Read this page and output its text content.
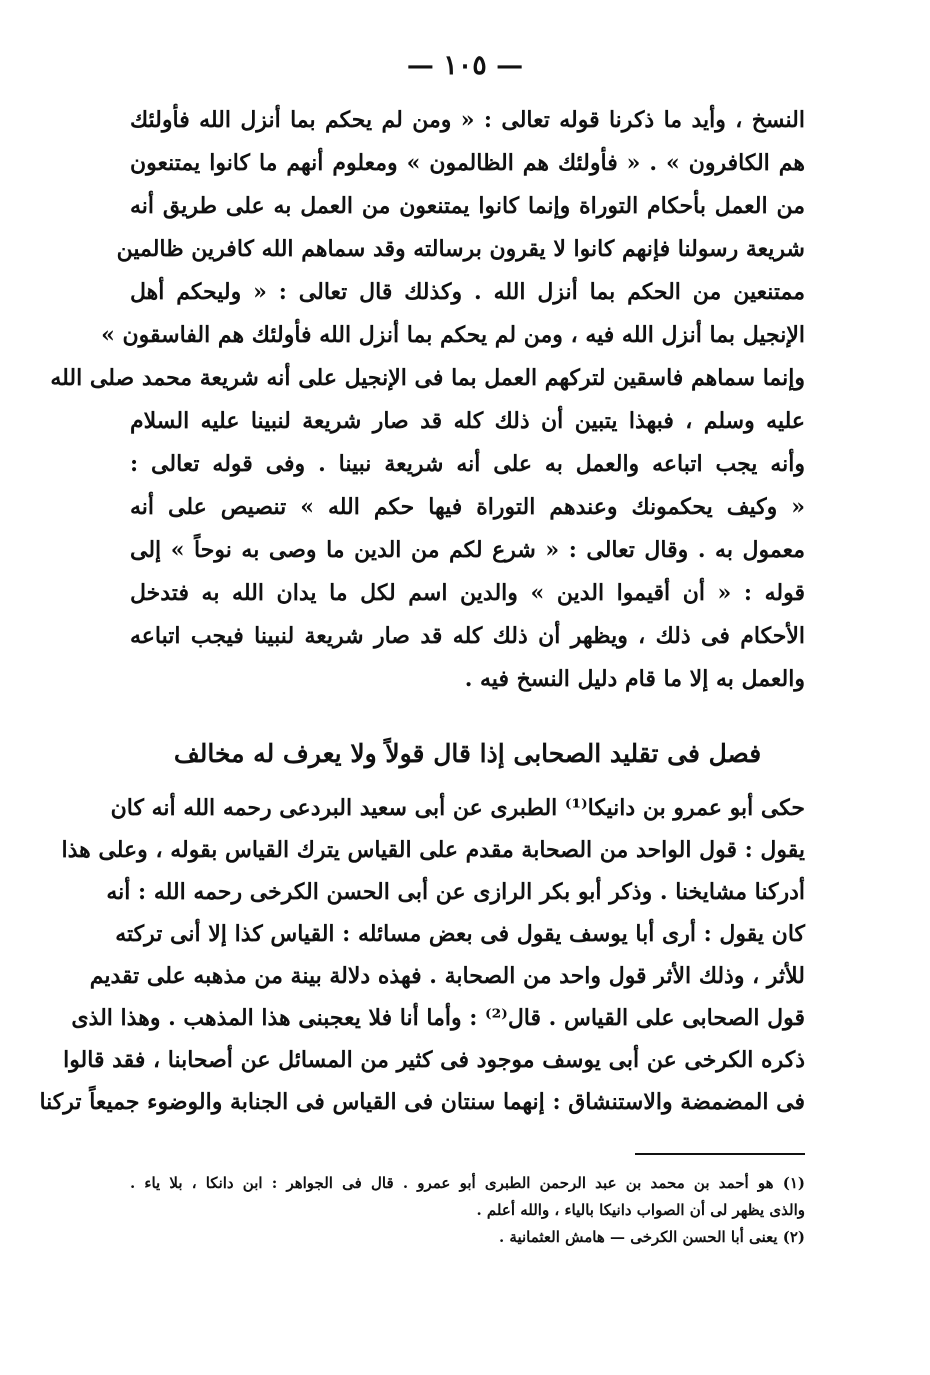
— ١٠٥ —
النسخ ، وأيد ما ذكرنا قوله تعالى : « ومن لم يحكم بما أنزل الله فأولئك
هم الكافرون » . « فأولئك هم الظالمون » ومعلوم أنهم ما كانوا يمتنعون
من العمل بأحكام التوراة وإنما كانوا يمتنعون من العمل به على طريق أنه
شريعة رسولنا فإنهم كانوا لا يقرون برسالته وقد سماهم الله كافرين ظالمين
ممتنعين من الحكم بما أنزل الله . وكذلك قال تعالى : « وليحكم أهل
الإنجيل بما أنزل الله فيه ، ومن لم يحكم بما أنزل الله فأولئك هم الفاسقون »
وإنما سماهم فاسقين لتركهم العمل بما فى الإنجيل على أنه شريعة محمد صلى الله
عليه وسلم ، فبهذا يتبين أن ذلك كله قد صار شريعة لنبينا عليه السلام
وأنه يجب اتباعه والعمل به على أنه شريعة نبينا . وفى قوله تعالى :
« وكيف يحكمونك وعندهم التوراة فيها حكم الله » تنصيص على أنه
معمول به . وقال تعالى : « شرع لكم من الدين ما وصى به نوحاً » إلى
قوله : « أن أقيموا الدين » والدين اسم لكل ما يدان الله به فتدخل
الأحكام فى ذلك ، ويظهر أن ذلك كله قد صار شريعة لنبينا فيجب اتباعه
والعمل به إلا ما قام دليل النسخ فيه .
فصل فى تقليد الصحابى إذا قال قولاً ولا يعرف له مخالف
حكى أبو عمرو بن دانيكا⁽¹⁾ الطبرى عن أبى سعيد البردعى رحمه الله أنه كان
يقول : قول الواحد من الصحابة مقدم على القياس يترك القياس بقوله ، وعلى هذا
أدركنا مشايخنا . وذكر أبو بكر الرازى عن أبى الحسن الكرخى رحمه الله : أنه
كان يقول : أرى أبا يوسف يقول فى بعض مسائله : القياس كذا إلا أنى تركته
للأثر ، وذلك الأثر قول واحد من الصحابة . فهذه دلالة بينة من مذهبه على تقديم
قول الصحابى على القياس . قال⁽²⁾ : وأما أنا فلا يعجبنى هذا المذهب . وهذا الذى
ذكره الكرخى عن أبى يوسف موجود فى كثير من المسائل عن أصحابنا ، فقد قالوا
فى المضمضة والاستنشاق : إنهما سنتان فى القياس فى الجنابة والوضوء جميعاً تركنا
(١) هو أحمد بن محمد بن عبد الرحمن الطبرى أبو عمرو . قال فى الجواهر : ابن دانكا ، بلا ياء .
والذى يظهر لى أن الصواب دانيكا بالياء ، والله أعلم .
(٢) يعنى أبا الحسن الكرخى — هامش العثمانية .
